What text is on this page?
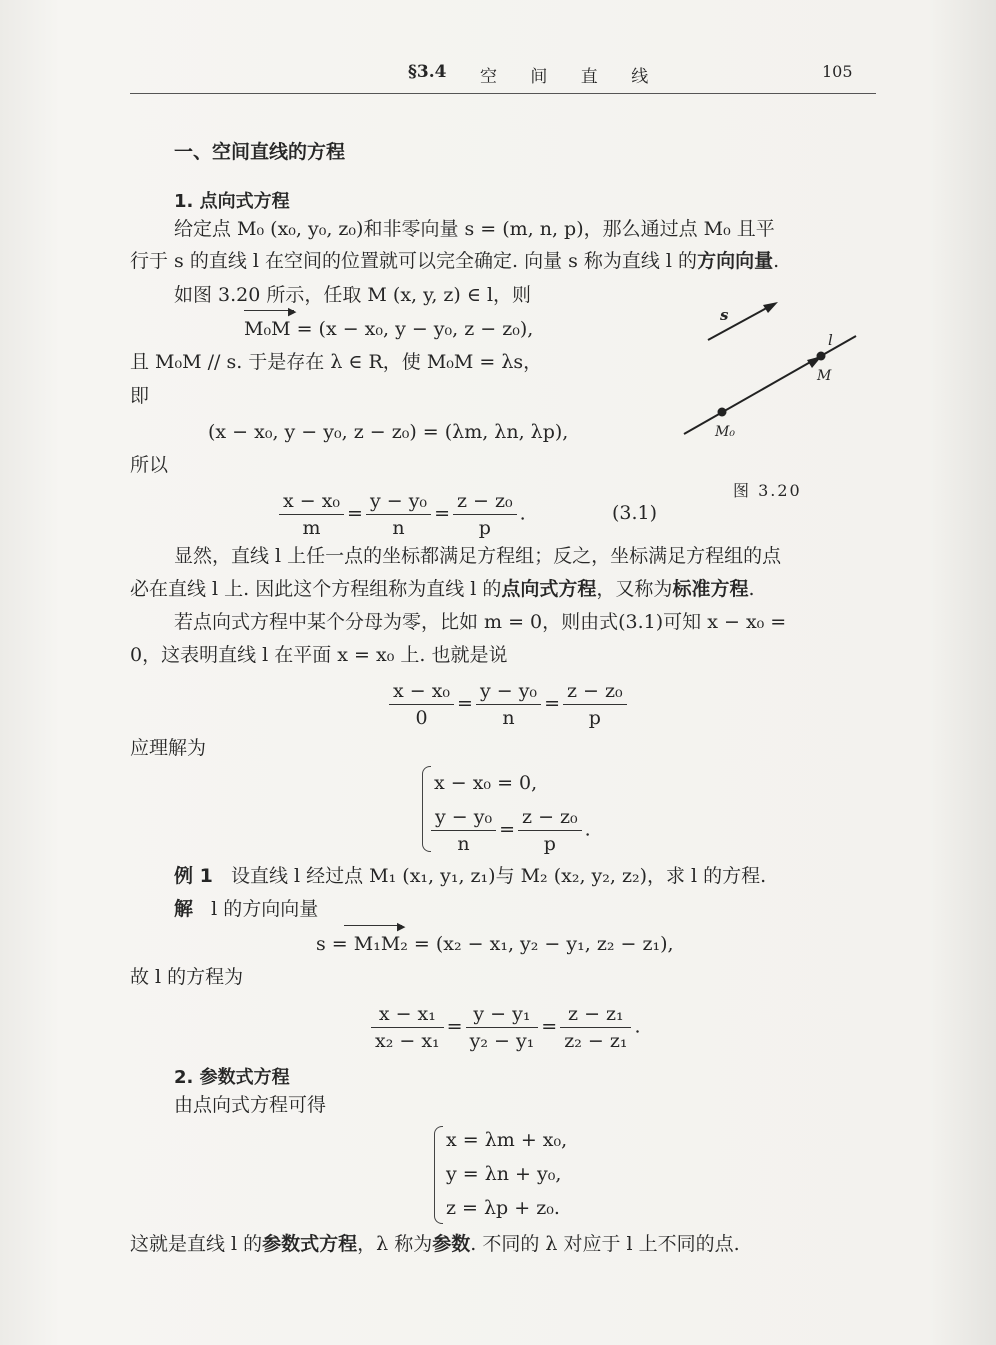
§3.4 空 间 直 线	105
一、空间直线的方程
1. 点向式方程
给定点 M₀ (x₀, y₀, z₀)和非零向量 s = (m, n, p)，那么通过点 M₀ 且平
行于 s 的直线 l 在空间的位置就可以完全确定. 向量 s 称为直线 l 的方向向量.
如图 3.20 所示，任取 M (x, y, z) ∈ l，则
▶
M₀M = (x − x₀, y − y₀, z − z₀),
且 M₀M // s. 于是存在 λ ∈ R，使 M₀M = λs，
即
(x − x₀, y − y₀, z − z₀) = (λm, λn, λp),
所以
$\frac{\text{x − x₀}}{m} = \frac{\text{y − y₀}}{n} = \frac{\text{z − z₀}}{p}$ .	(3.1)
s
l
M
M₀
图 3.20
显然，直线 l 上任一点的坐标都满足方程组；反之，坐标满足方程组的点
必在直线 l 上. 因此这个方程组称为直线 l 的点向式方程，又称为标准方程.
若点向式方程中某个分母为零，比如 m = 0，则由式(3.1)可知 x − x₀ =
0，这表明直线 l 在平面 x = x₀ 上. 也就是说
$\frac{\text{x − x₀}}{0} = \frac{\text{y − y₀}}{n} = \frac{\text{z − z₀}}{p}$
应理解为
x − x₀ = 0,
$\frac{\text{y − y₀}}{n} = \frac{\text{z − z₀}}{p}$ .
例 1 设直线 l 经过点 M₁ (x₁, y₁, z₁)与 M₂ (x₂, y₂, z₂)，求 l 的方程.
解 l 的方向向量
▶
s = M₁M₂ = (x₂ − x₁, y₂ − y₁, z₂ − z₁),
故 l 的方程为
$\frac{\text{x − x₁}}{\text{x₂ − x₁}} = \frac{\text{y − y₁}}{\text{y₂ − y₁}} = \frac{\text{z − z₁}}{\text{z₂ − z₁}}$ .
2. 参数式方程
由点向式方程可得
x = λm + x₀,
y = λn + y₀,
z = λp + z₀.
这就是直线 l 的参数式方程，λ 称为参数. 不同的 λ 对应于 l 上不同的点.
